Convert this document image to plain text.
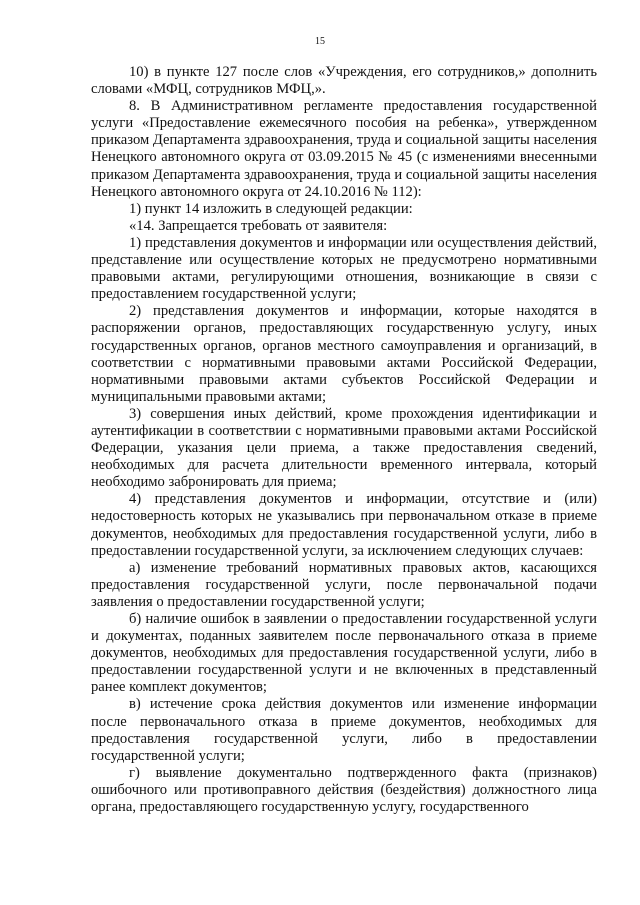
15

10) в пункте 127 после слов «Учреждения, его сотрудников,» дополнить словами «МФЦ, сотрудников МФЦ,».

8. В Административном регламенте предоставления государственной услуги «Предоставление ежемесячного пособия на ребенка», утвержденном приказом Департамента здравоохранения, труда и социальной защиты населения Ненецкого автономного округа от 03.09.2015 № 45 (с изменениями внесенными приказом Департамента здравоохранения, труда и социальной защиты населения Ненецкого автономного округа от 24.10.2016 № 112):

1) пункт 14 изложить в следующей редакции:

«14. Запрещается требовать от заявителя:

1) представления документов и информации или осуществления действий, представление или осуществление которых не предусмотрено нормативными правовыми актами, регулирующими отношения, возникающие в связи с предоставлением государственной услуги;

2) представления документов и информации, которые находятся в распоряжении органов, предоставляющих государственную услугу, иных государственных органов, органов местного самоуправления и организаций, в соответствии с нормативными правовыми актами Российской Федерации, нормативными правовыми актами субъектов Российской Федерации и муниципальными правовыми актами;

3) совершения иных действий, кроме прохождения идентификации и аутентификации в соответствии с нормативными правовыми актами Российской Федерации, указания цели приема, а также предоставления сведений, необходимых для расчета длительности временного интервала, который необходимо забронировать для приема;

4) представления документов и информации, отсутствие и (или) недостоверность которых не указывались при первоначальном отказе в приеме документов, необходимых для предоставления государственной услуги, либо в предоставлении государственной услуги, за исключением следующих случаев:

а) изменение требований нормативных правовых актов, касающихся предоставления государственной услуги, после первоначальной подачи заявления о предоставлении государственной услуги;

б) наличие ошибок в заявлении о предоставлении государственной услуги и документах, поданных заявителем после первоначального отказа в приеме документов, необходимых для предоставления государственной услуги, либо в предоставлении государственной услуги и не включенных в представленный ранее комплект документов;

в) истечение срока действия документов или изменение информации после первоначального отказа в приеме документов, необходимых для предоставления государственной услуги, либо в предоставлении государственной услуги;

г) выявление документально подтвержденного факта (признаков) ошибочного или противоправного действия (бездействия) должностного лица органа, предоставляющего государственную услугу, государственного
